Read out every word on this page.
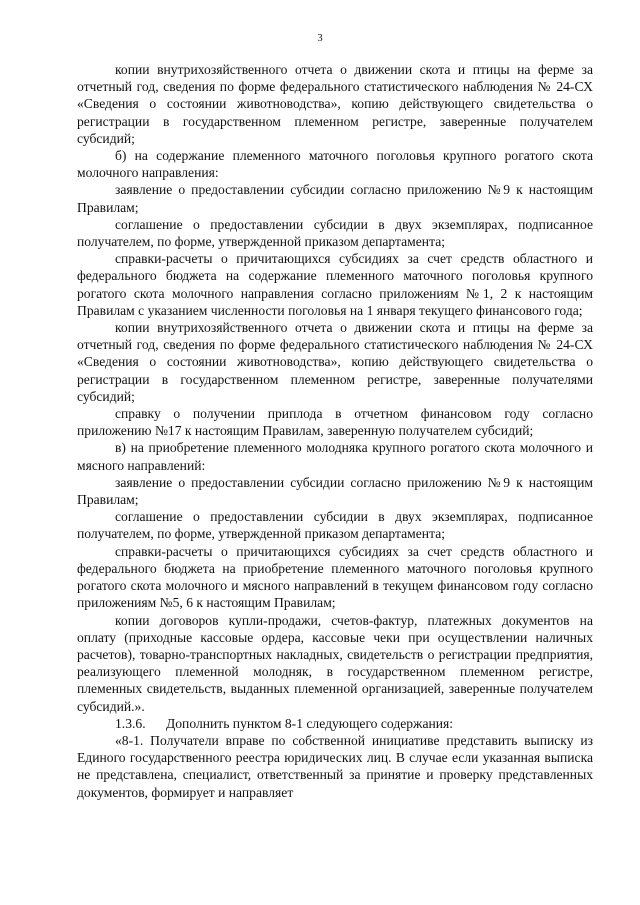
3

копии внутрихозяйственного отчета о движении скота и птицы на ферме за отчетный год, сведения по форме федерального статистического наблюдения № 24-СХ «Сведения о состоянии животноводства», копию действующего свидетельства о регистрации в государственном племенном регистре, заверенные получателем субсидий;

б) на содержание племенного маточного поголовья крупного рогатого скота молочного направления:

заявление о предоставлении субсидии согласно приложению №9 к настоящим Правилам;

соглашение о предоставлении субсидии в двух экземплярах, подписанное получателем, по форме, утвержденной приказом департамента;

справки-расчеты о причитающихся субсидиях за счет средств областного и федерального бюджета на содержание племенного маточного поголовья крупного рогатого скота молочного направления согласно приложениям №1, 2 к настоящим Правилам с указанием численности поголовья на 1 января текущего финансового года;

копии внутрихозяйственного отчета о движении скота и птицы на ферме за отчетный год, сведения по форме федерального статистического наблюдения № 24-СХ «Сведения о состоянии животноводства», копию действующего свидетельства о регистрации в государственном племенном регистре, заверенные получателями субсидий;

справку о получении приплода в отчетном финансовом году согласно приложению №17 к настоящим Правилам, заверенную получателем субсидий;

в) на приобретение племенного молодняка крупного рогатого скота молочного и мясного направлений:

заявление о предоставлении субсидии согласно приложению №9 к настоящим Правилам;

соглашение о предоставлении субсидии в двух экземплярах, подписанное получателем, по форме, утвержденной приказом департамента;

справки-расчеты о причитающихся субсидиях за счет средств областного и федерального бюджета на приобретение племенного маточного поголовья крупного рогатого скота молочного и мясного направлений в текущем финансовом году согласно приложениям №5, 6 к настоящим Правилам;

копии договоров купли-продажи, счетов-фактур, платежных документов на оплату (приходные кассовые ордера, кассовые чеки при осуществлении наличных расчетов), товарно-транспортных накладных, свидетельств о регистрации предприятия, реализующего племенной молодняк, в государственном племенном регистре, племенных свидетельств, выданных племенной организацией, заверенные получателем субсидий.».

1.3.6.      Дополнить пунктом 8-1 следующего содержания:

«8-1. Получатели вправе по собственной инициативе представить выписку из Единого государственного реестра юридических лиц. В случае если указанная выписка не представлена, специалист, ответственный за принятие и проверку представленных документов, формирует и направляет
